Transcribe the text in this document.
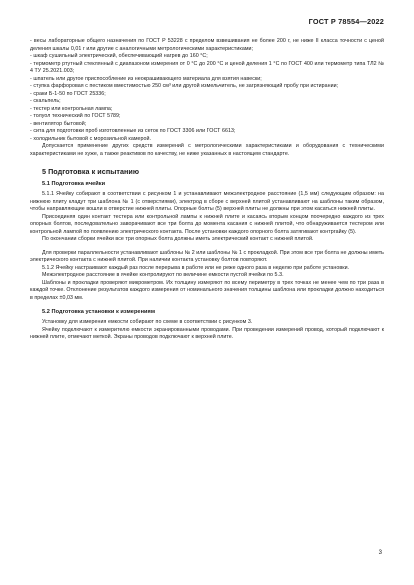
ГОСТ Р 78554—2022

- весы лабораторные общего назначения по ГОСТ Р 53228 с пределом взвешивания не более 200 г, не ниже II класса точности с ценой деления шкалы 0,01 г или другие с аналогичными метрологическими характеристиками;

- шкаф сушильный электрический, обеспечивающий нагрев до 160 °С;

- термометр ртутный стеклянный с диапазоном измерения от 0 °С до 200 °С и ценой деления 1 °С по ГОСТ 400 или термометр типа ТЛ2 № 4 ТУ 25.2021.003;

- шпатель или другое приспособление из неокрашивающего материала для взятия навески;

- ступка фарфоровая с пестиком вместимостью 250 см³ или другой измельчитель, не загрязняющий пробу при истирании;

- сраки Б-1-50 по ГОСТ 25336;

- скальпель;

- тестер или контрольная лампа;

- толуол технический по ГОСТ 5789;

- вентилятор бытовой;

- сита для подготовки проб изготовленные из сеток по ГОСТ 3306 или ГОСТ 6613;

- холодильник бытовой с морозильной камерой.

Допускается применение других средств измерений с метрологическими характеристиками и оборудования с техническими характеристиками не хуже, а также реактивов по качеству, не ниже указанных в настоящем стандарте.

5 Подготовка к испытанию
5.1 Подготовка ячейки

5.1.1 Ячейку собирают в соответствии с рисунком 1 и устанавливают межэлектродное расстояние (1,5 мм) следующим образом: на нижнюю плиту кладут три шаблона № 1 (с отверстиями), электрод в сборе с верхней плитой устанавливают на шаблоны таким образом, чтобы направляющие вошли в отверстие нижней плиты. Опорные болты (5) верхней плиты не должны при этом касаться нижней плиты.

Присоединяя один контакт тестера или контрольной лампы к нижней плите и касаясь вторым концом поочередно каждого из трех опорных болтов, последовательно заворачивают все три болта до момента касания с нижней плитой, что обнаруживается тестером или контрольной лампой по появлению электрического контакта. После установки каждого опорного болта затягивают контргайку (5).

По окончании сборки ячейки все три опорных болта должны иметь электрический контакт с нижней плитой.

Для проверки параллельности устанавливают шаблоны № 2 или шаблоны № 1 с прокладкой. При этом все три болта не должны иметь электрического контакта с нижней плитой. При наличии контакта установку болтов повторяют.

5.1.2 Ячейку настраивают каждый раз после перерыва в работе или не реже одного раза в неделю при работе установки.

Межэлектродное расстояние в ячейке контролируют по величине емкости пустой ячейки по 5.3.

Шаблоны и прокладки проверяют микрометром. Их толщину измеряют по всему периметру в трех точках не менее чем по три раза в каждой точке. Отклонение результатов каждого измерения от номинального значения толщины шаблона или прокладки должно находиться в пределах ±0,03 мм.

5.2 Подготовка установки к измерениям

Установку для измерения емкости собирают по схеме в соответствии с рисунком 3.

Ячейку подключают к измерителю емкости экранированными проводами. При проведении измерений провод, который подключают к нижней плите, отмечают меткой. Экраны проводов подключают к верхней плите.

3
